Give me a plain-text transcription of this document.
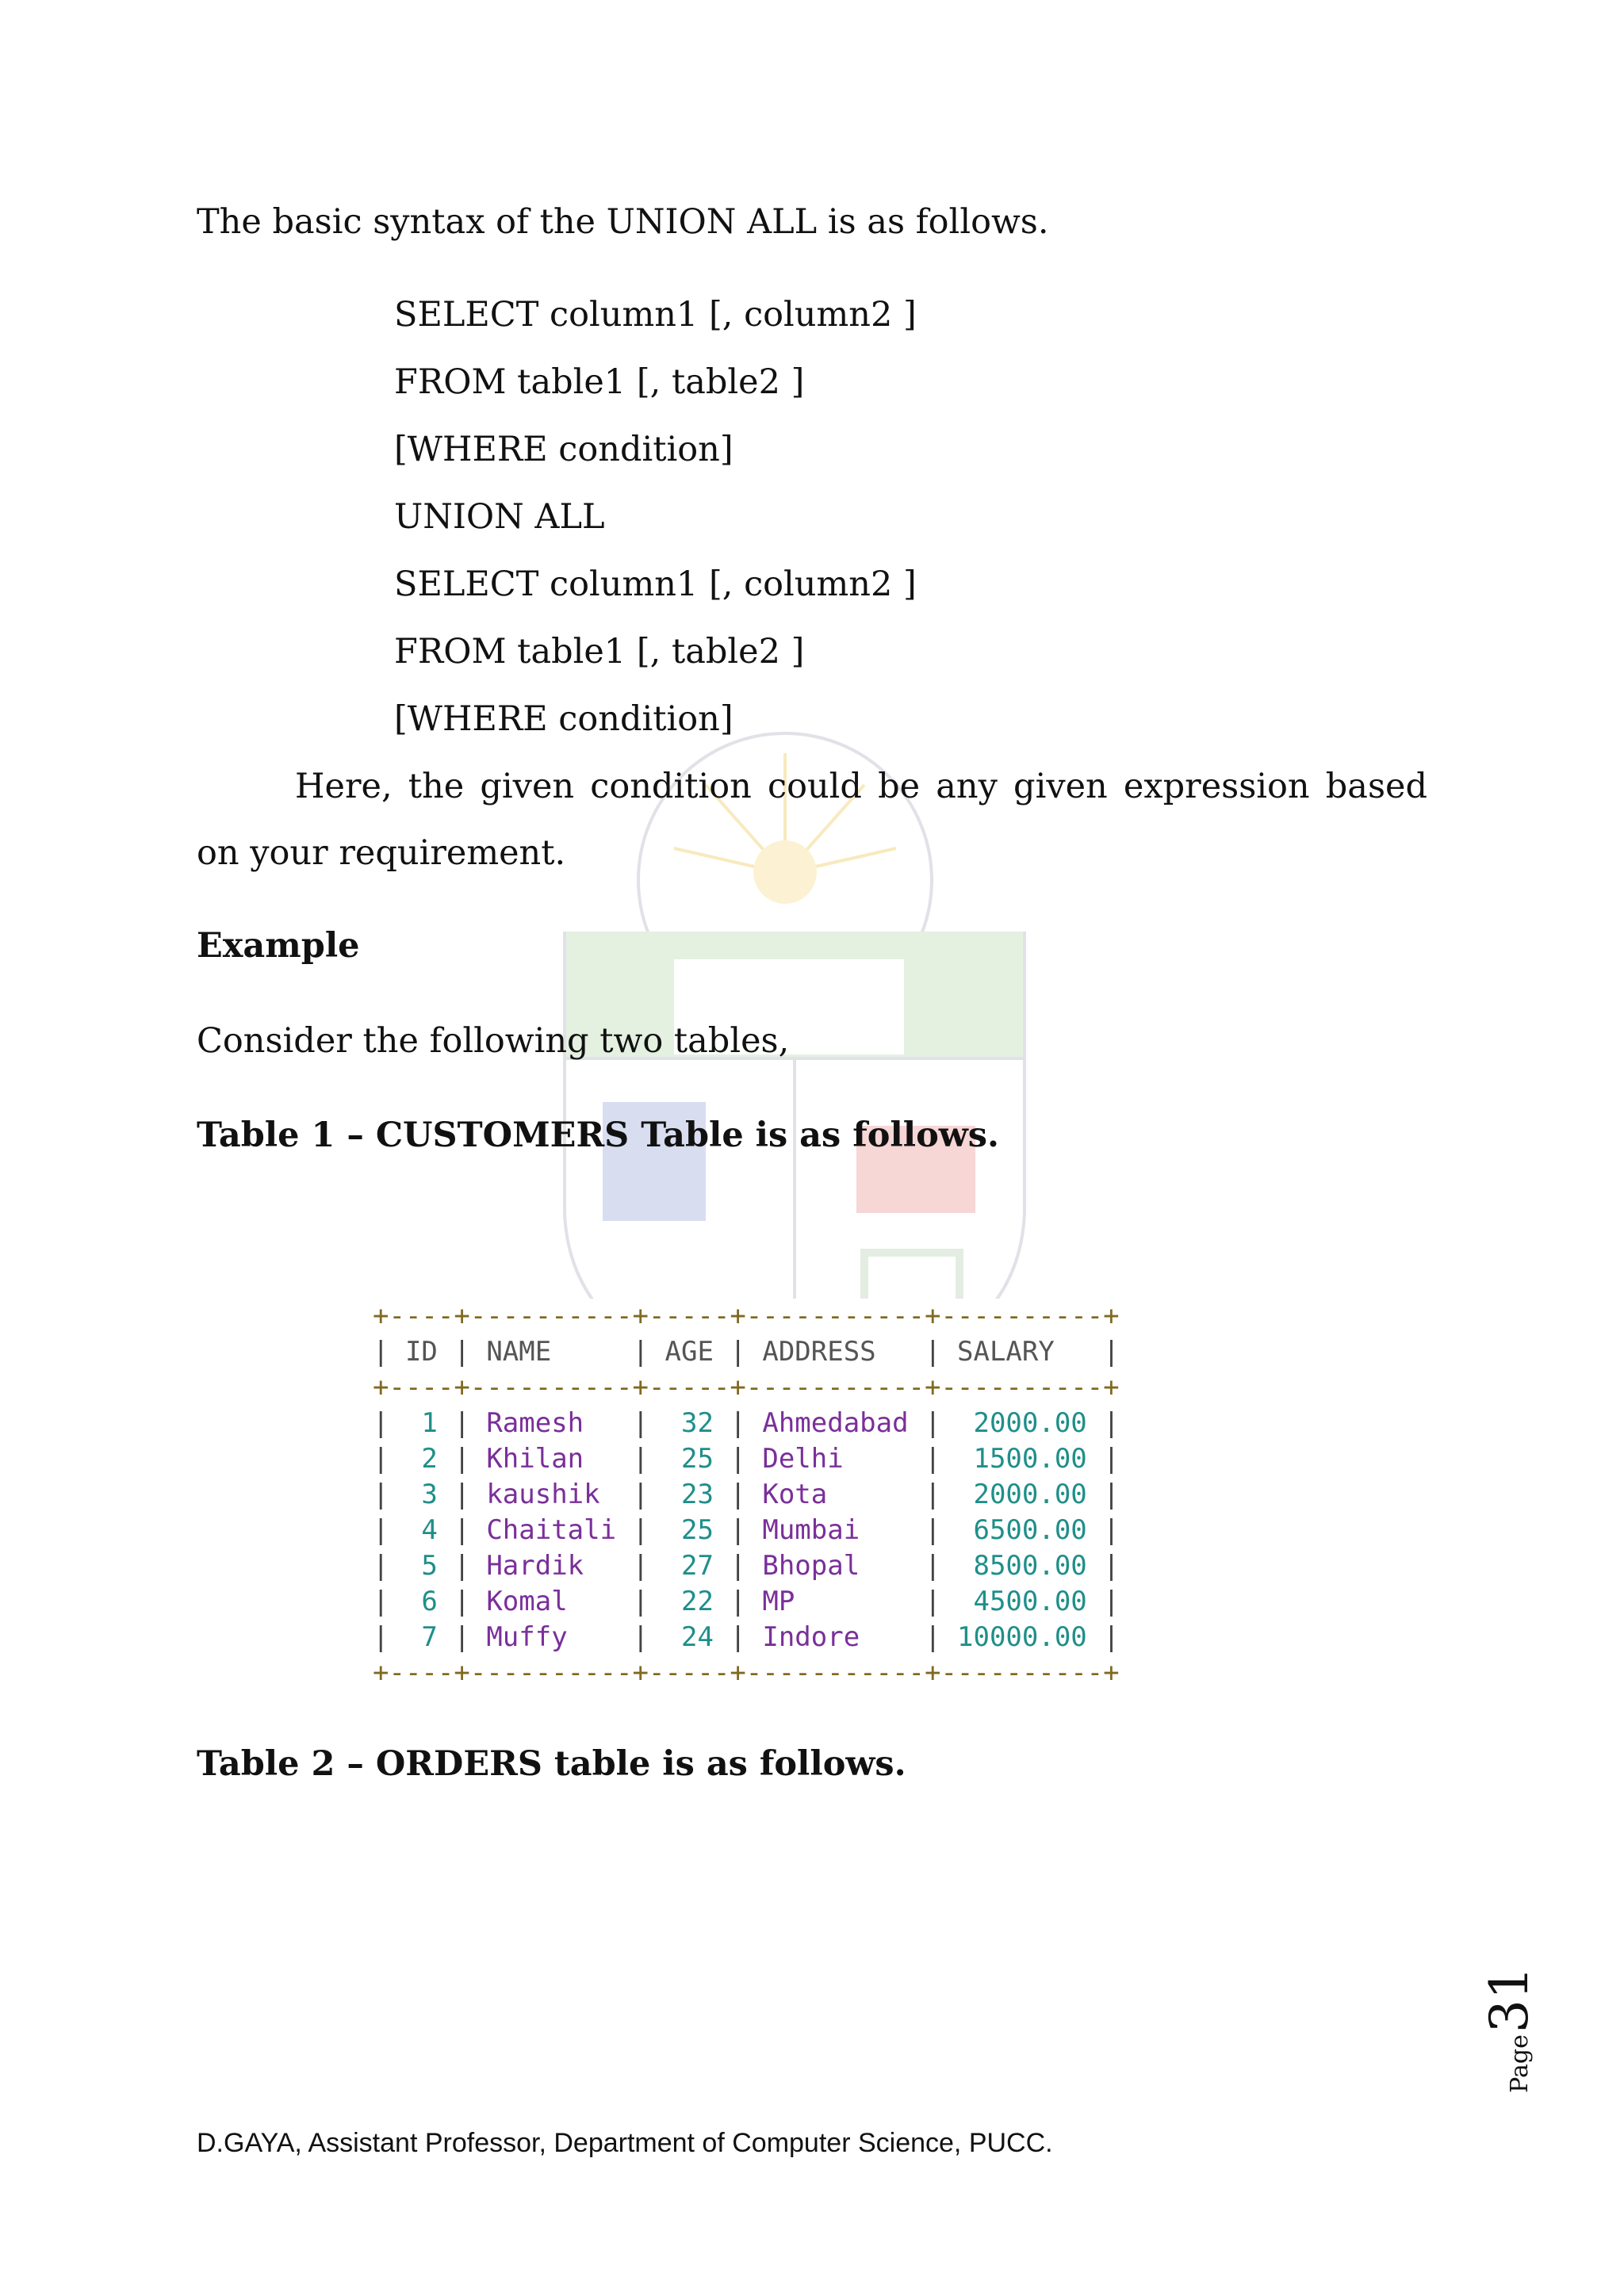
The basic syntax of the UNION ALL is as follows.

SELECT column1 [, column2 ]
FROM table1 [, table2 ]
[WHERE condition]
UNION ALL
SELECT column1 [, column2 ]
FROM table1 [, table2 ]
[WHERE condition]
Here, the given condition could be any given expression based on your requirement.
Example

Consider the following two tables,

Table 1 – CUSTOMERS Table is as follows.
+----+----------+-----+-----------+----------+
| ID | NAME     | AGE | ADDRESS   | SALARY   |
+----+----------+-----+-----------+----------+
|  1 | Ramesh   |  32 | Ahmedabad |  2000.00 |
|  2 | Khilan   |  25 | Delhi     |  1500.00 |
|  3 | kaushik  |  23 | Kota      |  2000.00 |
|  4 | Chaitali |  25 | Mumbai    |  6500.00 |
|  5 | Hardik   |  27 | Bhopal    |  8500.00 |
|  6 | Komal    |  22 | MP        |  4500.00 |
|  7 | Muffy    |  24 | Indore    | 10000.00 |
+----+----------+-----+-----------+----------+
Table 2 – ORDERS table is as follows.
Page
31
D.GAYA, Assistant Professor, Department of Computer Science, PUCC.
